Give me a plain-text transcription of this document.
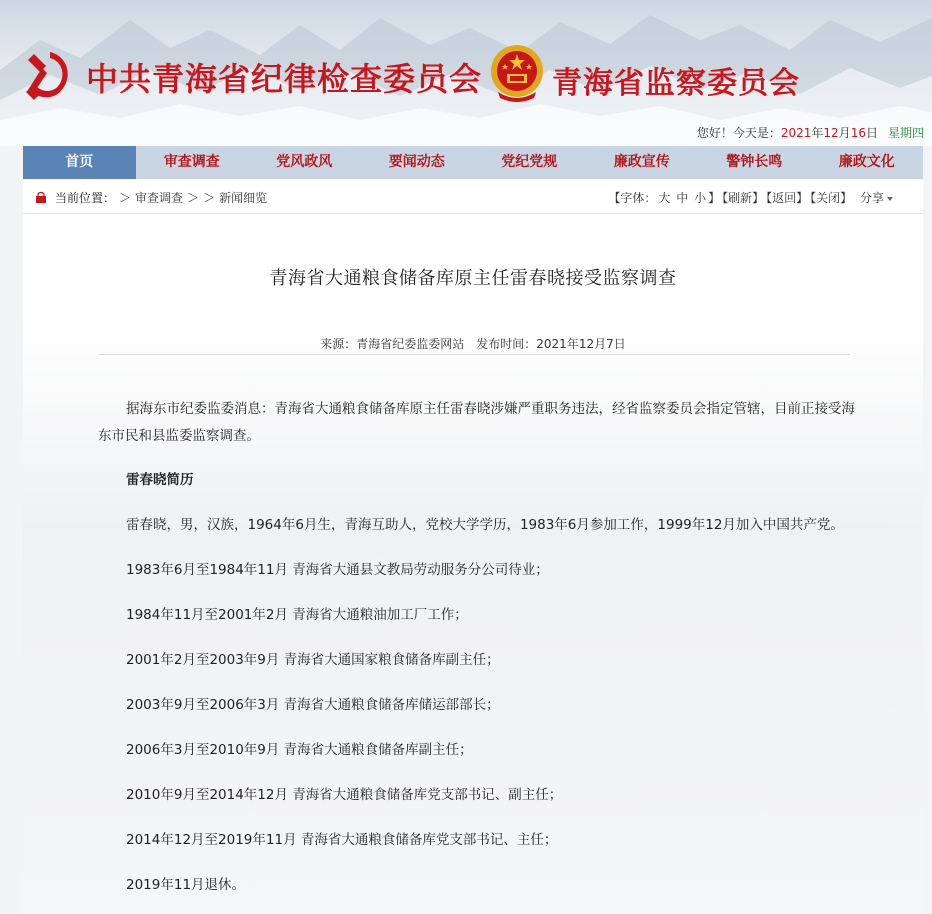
中共青海省纪律检查委员会 青海省监察委员会
您好！今天是：2021年12月16日 星期四
首页	审查调查	党风政风	要闻动态	党纪党规	廉政宣传	警钟长鸣	廉政文化
当前位置： ＞ 审查调查 ＞ ＞ 新闻细览	【字体： 大 中 小 】 【刷新】 【返回】 【关闭】 分享
青海省大通粮食储备库原主任雷春晓接受监察调查
来源：青海省纪委监委网站 发布时间：2021年12月7日

据海东市纪委监委消息：青海省大通粮食储备库原主任雷春晓涉嫌严重职务违法，经省监察委员会指定管辖，目前正接受海东市民和县监委监察调查。

雷春晓简历

雷春晓，男，汉族，1964年6月生，青海互助人，党校大学学历，1983年6月参加工作，1999年12月加入中国共产党。

1983年6月至1984年11月 青海省大通县文教局劳动服务分公司待业；

1984年11月至2001年2月 青海省大通粮油加工厂工作；

2001年2月至2003年9月 青海省大通国家粮食储备库副主任；

2003年9月至2006年3月 青海省大通粮食储备库储运部部长；

2006年3月至2010年9月 青海省大通粮食储备库副主任；

2010年9月至2014年12月 青海省大通粮食储备库党支部书记、副主任；

2014年12月至2019年11月 青海省大通粮食储备库党支部书记、主任；

2019年11月退休。
